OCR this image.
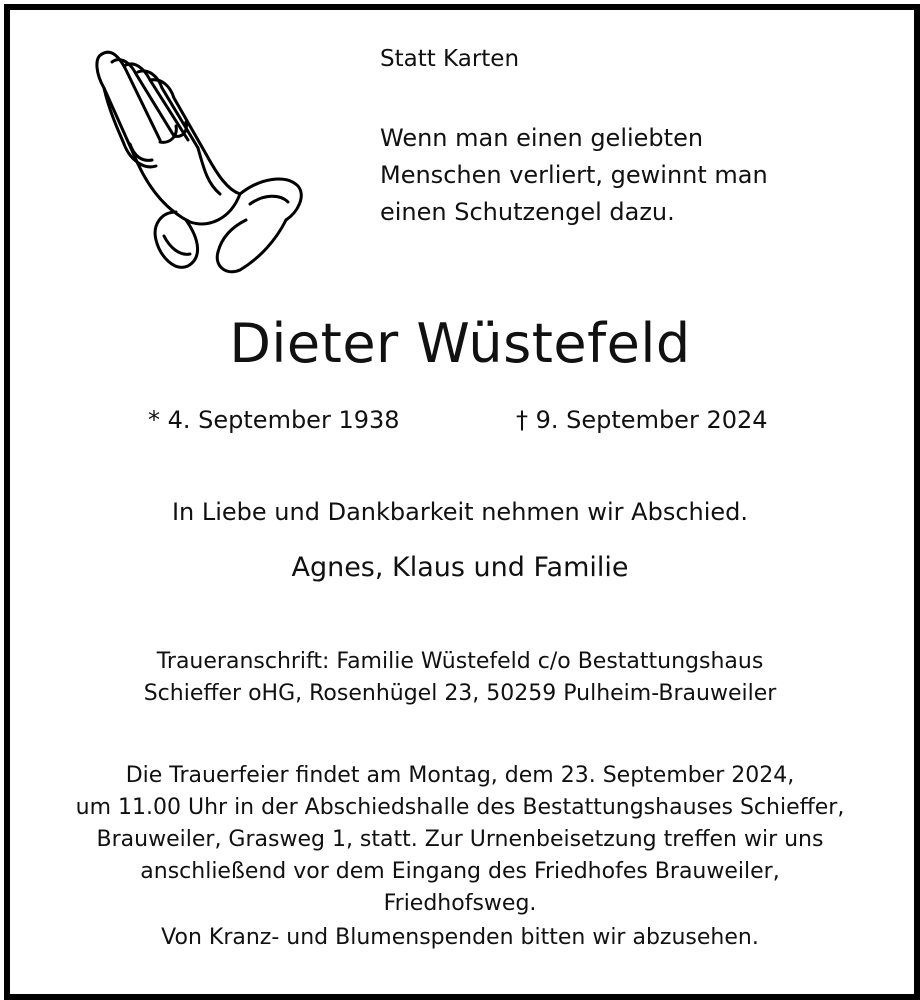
Statt Karten
Wenn man einen geliebten
Menschen verliert, gewinnt man
einen Schutzengel dazu.
Dieter Wüstefeld
* 4. September 1938	† 9. September 2024
In Liebe und Dankbarkeit nehmen wir Abschied.
Agnes, Klaus und Familie
Traueranschrift: Familie Wüstefeld c/o Bestattungshaus
Schieffer oHG, Rosenhügel 23, 50259 Pulheim-Brauweiler
Die Trauerfeier findet am Montag, dem 23. September 2024,
um 11.00 Uhr in der Abschiedshalle des Bestattungshauses Schieffer,
Brauweiler, Grasweg 1, statt. Zur Urnenbeisetzung treffen wir uns
anschließend vor dem Eingang des Friedhofes Brauweiler,
Friedhofsweg.
Von Kranz- und Blumenspenden bitten wir abzusehen.
